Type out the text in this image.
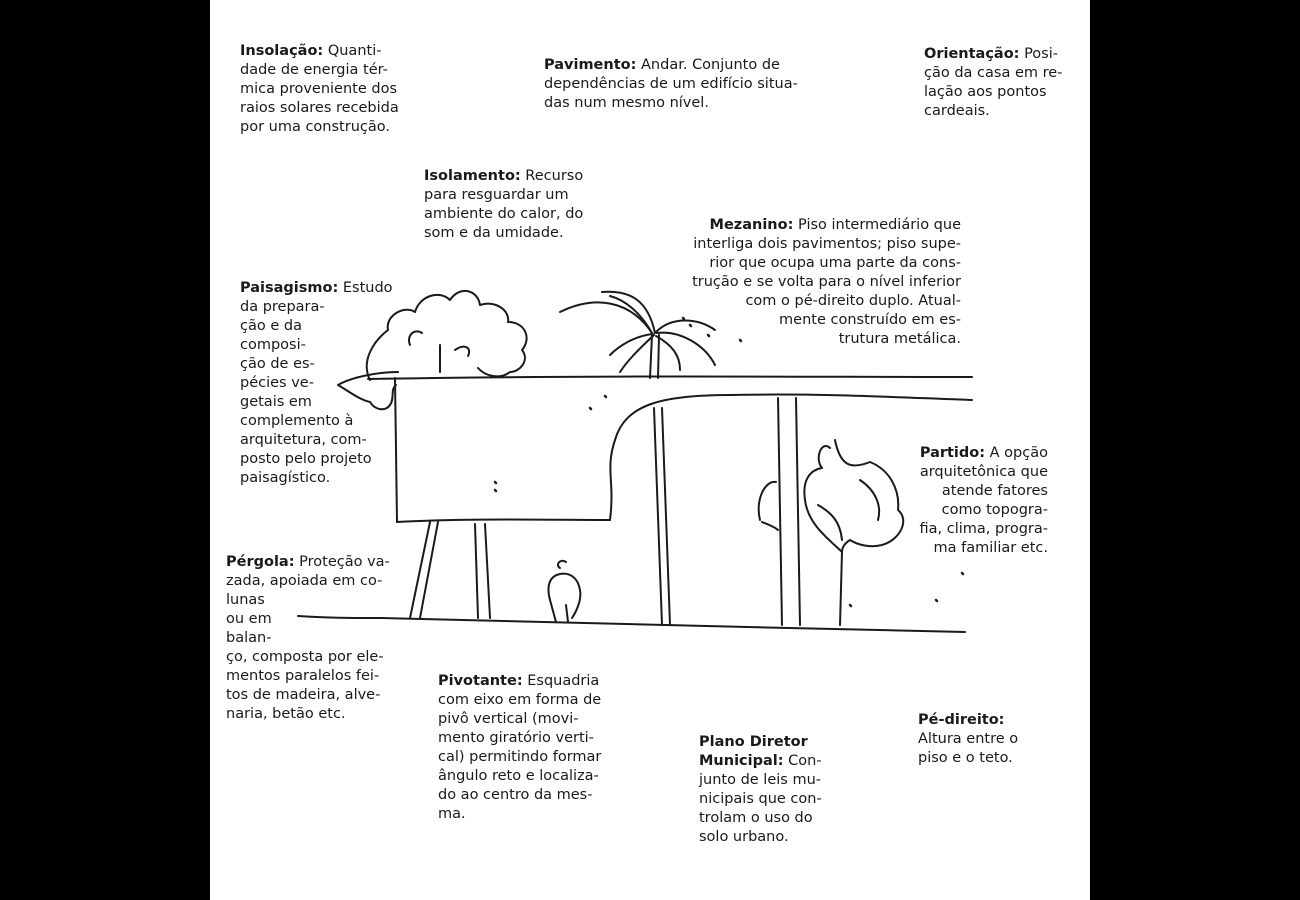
Insolação: Quanti-
dade de energia tér-
mica proveniente dos
raios solares recebida
por uma construção.

Pavimento: Andar. Conjunto de
dependências de um edifício situa-
das num mesmo nível.

Orientação: Posi-
ção da casa em re-
lação aos pontos
cardeais.

Isolamento: Recurso
para resguardar um
ambiente do calor, do
som e da umidade.	Mezanino: Piso intermediário que
interliga dois pavimentos; piso supe-
rior que ocupa uma parte da cons-
trução e se volta para o nível inferior
com o pé-direito duplo. Atual-
mente construído em es-
trutura metálica.

Paisagismo: Estudo
da prepara-
ção e da
composi-
ção de es-
pécies ve-
getais em
complemento à
arquitetura, com-
posto pelo projeto
paisagístico.

Partido: A opção
arquitetônica que
atende fatores
como topogra-
fia, clima, progra-
ma familiar etc.

Pérgola: Proteção va-
zada, apoiada em co-
lunas
ou em
balan-
ço, composta por ele-
mentos paralelos fei-
tos de madeira, alve-
naria, betão etc.

Pivotante: Esquadria
com eixo em forma de
pivô vertical (movi-
mento giratório verti-
cal) permitindo formar
ângulo reto e localiza-
do ao centro da mes-
ma.

Plano Diretor
Municipal: Con-
junto de leis mu-
nicipais que con-
trolam o uso do
solo urbano.

Pé-direito:
Altura entre o
piso e o teto.
